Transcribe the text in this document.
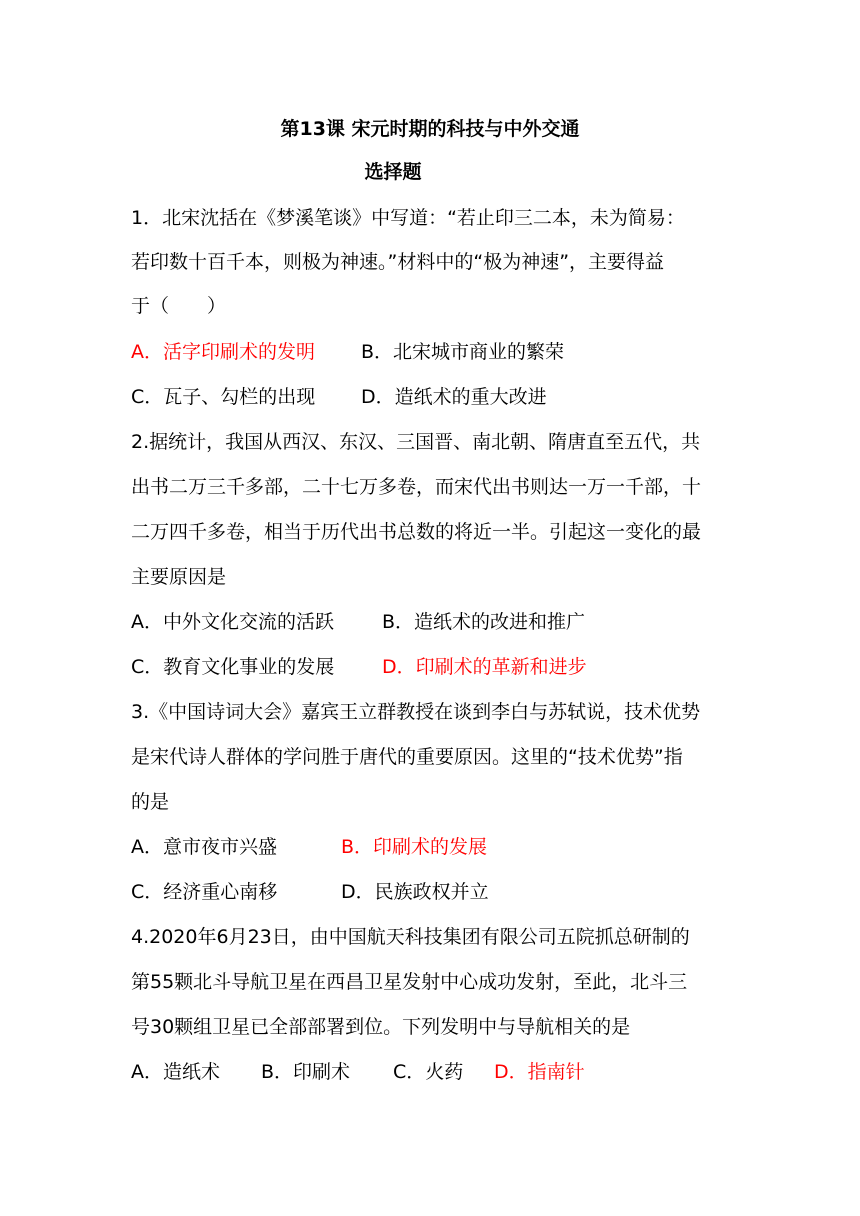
第13课 宋元时期的科技与中外交通
选择题
1．北宋沈括在《梦溪笔谈》中写道：“若止印三二本，未为简易：
若印数十百千本，则极为神速。”材料中的“极为神速”，主要得益
于（　　）
A．活字印刷术的发明 B．北宋城市商业的繁荣
C．瓦子、勾栏的出现 D．造纸术的重大改进
2.据统计，我国从西汉、东汉、三国晋、南北朝、隋唐直至五代，共
出书二万三千多部，二十七万多卷，而宋代出书则达一万一千部，十
二万四千多卷，相当于历代出书总数的将近一半。引起这一变化的最
主要原因是
A．中外文化交流的活跃	B．造纸术的改进和推广
C．教育文化事业的发展	D．印刷术的革新和进步
3.《中国诗词大会》嘉宾王立群教授在谈到李白与苏轼说，技术优势
是宋代诗人群体的学问胜于唐代的重要原因。这里的“技术优势”指
的是
A．意市夜市兴盛	B．印刷术的发展
C．经济重心南移	D．民族政权并立
4.2020年6月23日，由中国航天科技集团有限公司五院抓总研制的
第55颗北斗导航卫星在西昌卫星发射中心成功发射，至此，北斗三
号30颗组卫星已全部部署到位。下列发明中与导航相关的是
A．造纸术 B．印刷术 C．火药 D．指南针
